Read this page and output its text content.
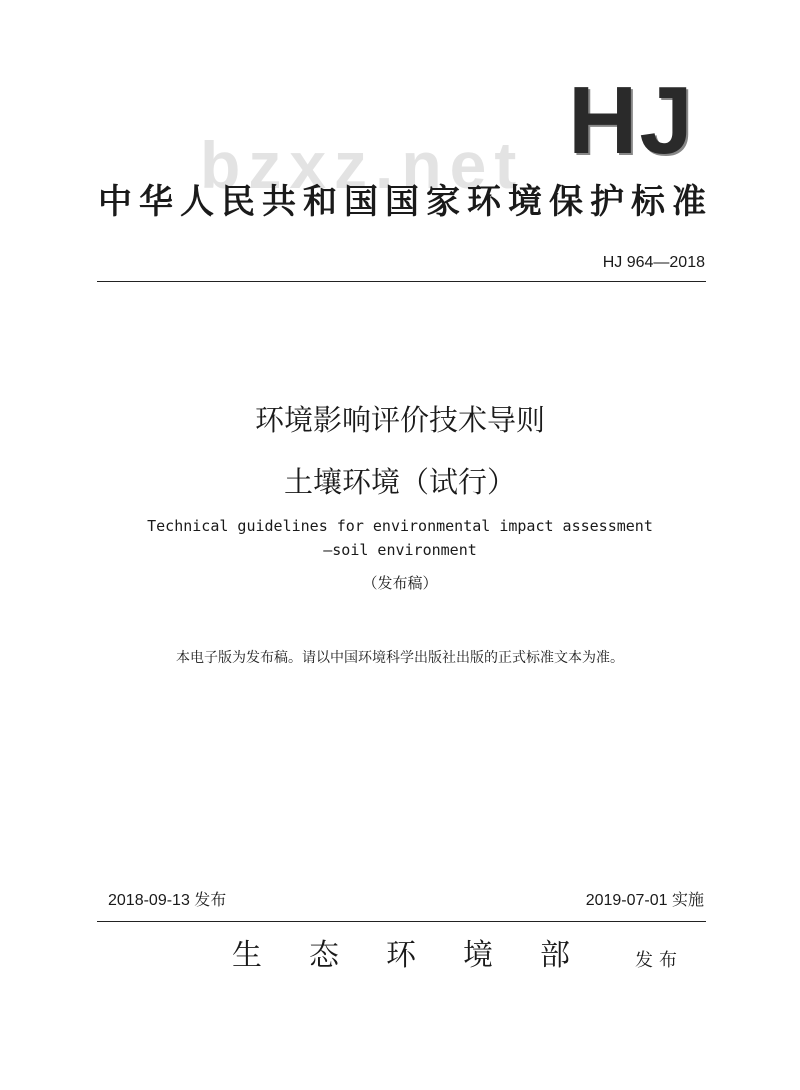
HJ
bzxz.net
中华人民共和国国家环境保护标准
HJ 964—2018
环境影响评价技术导则
土壤环境（试行）
Technical guidelines for environmental impact assessment
—soil environment
（发布稿）
本电子版为发布稿。请以中国环境科学出版社出版的正式标准文本为准。
2018-09-13 发布	2019-07-01 实施
生态环境部	发布
